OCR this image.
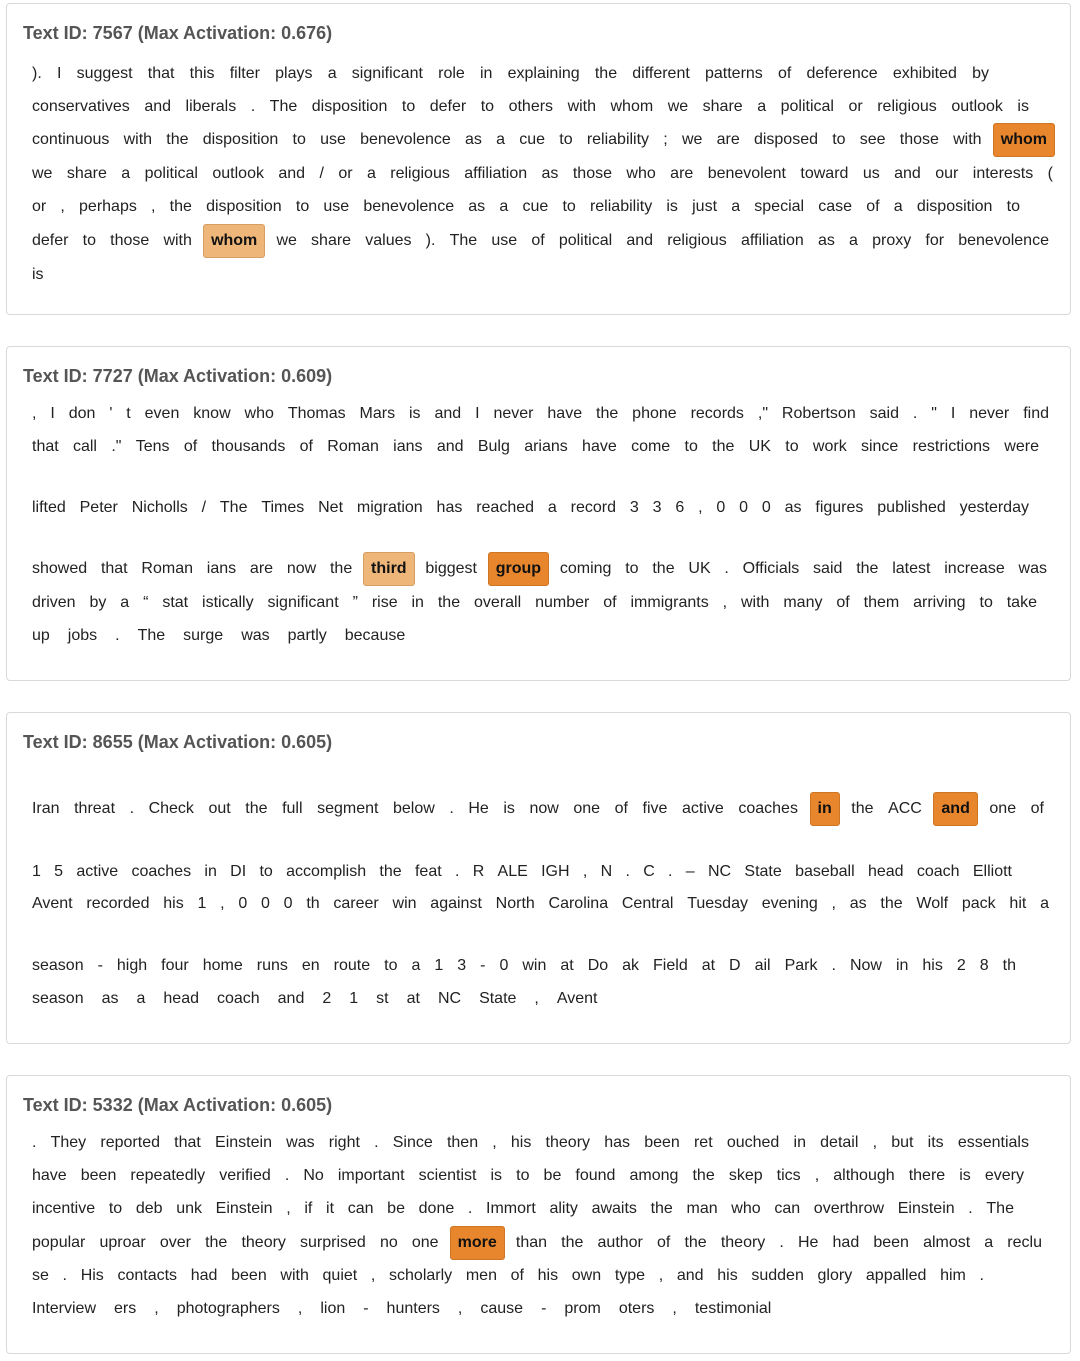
Text ID: 7567 (Max Activation: 0.676)
). I suggest that this filter plays a significant role in explaining the different patterns of deference exhibited by
conservatives and liberals . The disposition to defer to others with whom we share a political or religious outlook is
continuous with the disposition to use benevolence as a cue to reliability ; we are disposed to see those with	whom
we share a political outlook and / or a religious affiliation as those who are benevolent toward us and our interests (
or , perhaps , the disposition to use benevolence as a cue to reliability is just a special case of a disposition to
defer to those with	whom	we share values ). The use of political and religious affiliation as a proxy for benevolence
is
Text ID: 7727 (Max Activation: 0.609)
, I don ' t even know who Thomas Mars is and I never have the phone records ," Robertson said . " I never find
that call ." Tens of thousands of Roman ians and Bulg arians have come to the UK to work since restrictions were
lifted Peter Nicholls / The Times Net migration has reached a record 3 3 6 , 0 0 0 as figures published yesterday
showed that Roman ians are now the	third	biggest	group	coming to the UK . Officials said the latest increase was
driven by a “ stat istically significant ” rise in the overall number of immigrants , with many of them arriving to take
up jobs . The surge was partly because
Text ID: 8655 (Max Activation: 0.605)
Iran threat . Check out the full segment below . He is now one of five active coaches	in	the ACC	and	one of
1 5 active coaches in DI to accomplish the feat . R ALE IGH , N . C . – NC State baseball head coach Elliott
Avent recorded his 1 , 0 0 0 th career win against North Carolina Central Tuesday evening , as the Wolf pack hit a
season - high four home runs en route to a 1 3 - 0 win at Do ak Field at D ail Park . Now in his 2 8 th
season as a head coach and 2 1 st at NC State , Avent
Text ID: 5332 (Max Activation: 0.605)
. They reported that Einstein was right . Since then , his theory has been ret ouched in detail , but its essentials
have been repeatedly verified . No important scientist is to be found among the skep tics , although there is every
incentive to deb unk Einstein , if it can be done . Immort ality awaits the man who can overthrow Einstein . The
popular uproar over the theory surprised no one	more	than the author of the theory . He had been almost a reclu
se . His contacts had been with quiet , scholarly men of his own type , and his sudden glory appalled him .
Interview ers , photographers , lion - hunters , cause - prom oters , testimonial
